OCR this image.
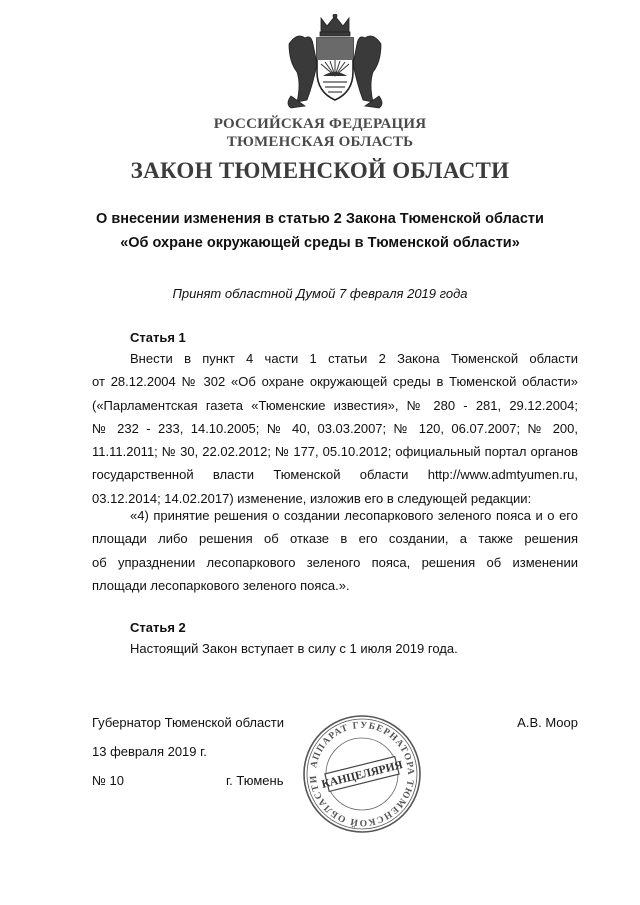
РОССИЙСКАЯ ФЕДЕРАЦИЯ
ТЮМЕНСКАЯ ОБЛАСТЬ
ЗАКОН ТЮМЕНСКОЙ ОБЛАСТИ
О внесении изменения в статью 2 Закона Тюменской области
«Об охране окружающей среды в Тюменской области»
Принят областной Думой 7 февраля 2019 года
Статья 1
Внести в пункт 4 части 1 статьи 2 Закона Тюменской области
от 28.12.2004 № 302 «Об охране окружающей среды в Тюменской области»
(«Парламентская газета «Тюменские известия», № 280 - 281, 29.12.2004;
№ 232 - 233, 14.10.2005; № 40, 03.03.2007; № 120, 06.07.2007; № 200,
11.11.2011; № 30, 22.02.2012; № 177, 05.10.2012; официальный портал органов
государственной власти Тюменской области http://www.admtyumen.ru,
03.12.2014; 14.02.2017) изменение, изложив его в следующей редакции:
«4) принятие решения о создании лесопаркового зеленого пояса и о его
площади либо решения об отказе в его создании, а также решения
об упразднении лесопаркового зеленого пояса, решения об изменении
площади лесопаркового зеленого пояса.».
Статья 2
Настоящий Закон вступает в силу с 1 июля 2019 года.
Губернатор Тюменской области	А.В. Моор
13 февраля 2019 г.
№ 10	г. Тюмень
АППАРАТ ГУБЕРНАТОРА ТЮМЕНСКОЙ ОБЛАСТИ КАНЦЕЛЯРИЯ
